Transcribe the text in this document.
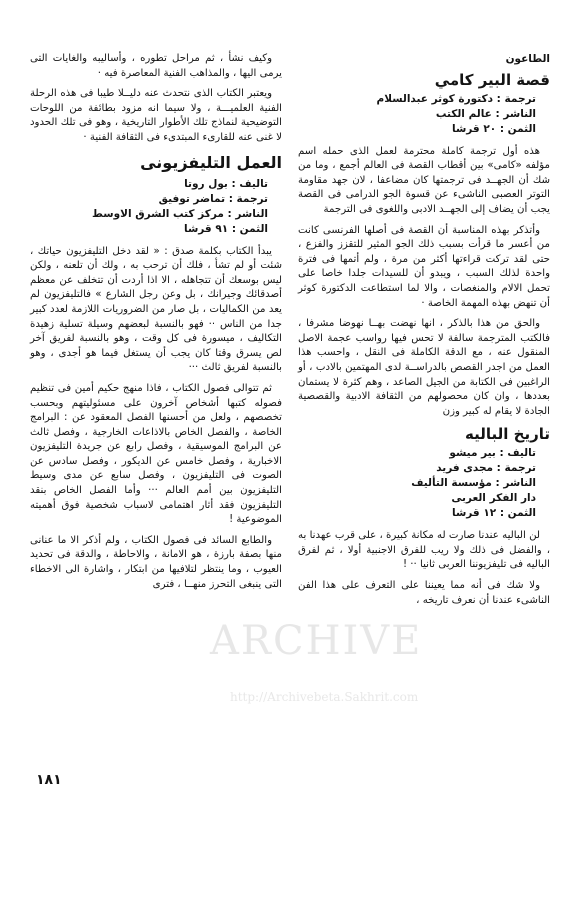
وكيف نشأ ، ثم مراحل تطوره ، وأساليبه والغايات التى يرمى اليها ، والمذاهب الفنية المعاصرة فيه ·

ويعتبر الكتاب الذى نتحدث عنه دليــلا طيبا فى هذه الرحلة الفنية العلميـــة ، ولا سيما انه مزود بطائفة من اللوحات التوضيحية لنماذج تلك الأطوار التاريخية ، وهو فى تلك الحدود لا غنى عنه للقارىء المبتدىء فى الثقافة الفنية ·

العمل التليفزيونى
تاليف : بول روتا
ترجمة : تماضر توفيق
الناشر : مركز كتب الشرق الاوسط
الثمن : ٩١ قرشا

يبدأ الكتاب بكلمة صدق : « لقد دخل التليفزيون حياتك ، شئت أو لم تشأ ، فلك أن ترحب به ، ولك أن تلعنه ، ولكن ليس بوسعك أن تتجاهله ، الا اذا أردت أن تتخلف عن معظم أصدقائك وجيرانك ، بل وعن رجل الشارع » فالتليفزيون لم يعد من الكماليات ، بل صار من الضروريات اللازمة لعدد كبير جدا من الناس ·· فهو بالنسبة لبعضهم وسيلة تسلية زهيدة التكاليف ، ميسورة فى كل وقت ، وهو بالنسبة لفريق آخر لص يسرق وقتا كان يجب أن يستغل فيما هو أجدى ، وهو بالنسبة لفريق ثالث ···

ثم تتوالى فصول الكتاب ، فاذا منهج حكيم أمين فى تنظيم فصوله كتبها أشخاص آخرون على مسئوليتهم وبحسب تخصصهم ، ولعل من أحسنها الفصل المعقود عن : البرامج الخاصة ، والفصل الخاص بالاذاعات الخارجية ، وفصل ثالث عن البرامج الموسيقية ، وفصل رابع عن جريدة التليفزيون الاخبارية ، وفصل خامس عن الديكور ، وفصل سادس عن الصوت فى التليفزيون ، وفصل سابع عن مدى وسيط التليفزيون بين أمم العالم ··· وأما الفصل الخاص بنقد التليفزيون فقد أثار اهتمامى لاسباب شخصية فوق أهميته الموضوعية !

والطابع السائد فى فصول الكتاب ، ولم أذكر الا ما عنانى منها بصفة بارزة ، هو الامانة ، والاحاطة ، والدقة فى تحديد العيوب ، وما ينتظر لتلافيها من ابتكار ، واشارة الى الاخطاء التى ينبغى التحرز منهــا ، فترى

الطاعون
قصة البير كامي
ترجمة : دكتورة كوثر عبدالسلام
الناشر : عالم الكتب
الثمن : ٢٠ قرشا

هذه أول ترجمة كاملة محترمة لعمل الذى حمله اسم مؤلفه «كامى» بين أقطاب القصة فى العالم أجمع ، وما من شك أن الجهــد فى ترجمتها كان مضاعفا ، لان جهد مقاومة التوتر العصبى الناشىء عن قسوة الجو الدرامى فى القصة يجب أن يضاف إلى الجهــد الادبى واللغوى فى الترجمة

وأتذكر بهذه المناسبة أن القصة فى أصلها الفرنسى كانت من أعسر ما قرأت بسبب ذلك الجو المثير للتقزز والفزع ، حتى لقد تركت قراءتها أكثر من مرة ، ولم أتمها فى فترة واحدة لذلك السبب ، ويبدو أن للسيدات جلدا خاصا على تحمل الالام والمنغصات ، والا لما استطاعت الدكتورة كوثر أن تنهض بهذه المهمة الخاصة ·

والحق من هذا بالذكر ، انها نهضت بهــا نهوضا مشرفا ، فالكتب المترجمة سالفة لا تحس فيها رواسب عجمة الاصل المنقول عنه ، مع الدقة الكاملة فى النقل ، واحسب هذا العمل من اجدر القصص بالدراســة لدى المهتمين بالادب ، أو الراغبين فى الكتابة من الجيل الصاعد ، وهم كثرة لا يستمان بعددها ، وان كان محصولهم من الثقافة الادبية والقصصية الجادة لا يقام له كبير وزن

تاريخ الباليه
تاليف : بير ميشو
ترجمة : مجدى فريد
الناشر : مؤسسة التأليف
دار الفكر العربى
الثمن : ١٢ قرشا

لن الباليه عندنا صارت له مكانة كبيرة ، على قرب عهدنا به ، والفضل فى ذلك ولا ريب للفرق الاجنبية أولا ، ثم لفرق الباليه فى تليفزيوننا العربى ثانيا ·· !

ولا شك فى أنه مما يعيننا على التعرف على هذا الفن الناشىء عندنا أن نعرف تاريخه ،

١٨١
ARCHIVE
http://Archivebeta.Sakhrit.com
